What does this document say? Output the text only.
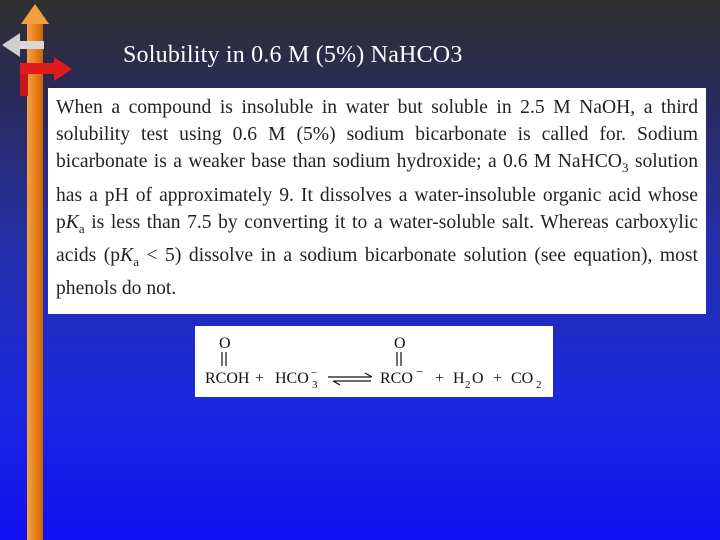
Solubility in 0.6 M (5%) NaHCO3

When a compound is insoluble in water but soluble in 2.5 M NaOH, a third solubility test using 0.6 M (5%) sodium bicarbonate is called for. Sodium bicarbonate is a weaker base than sodium hydroxide; a 0.6 M NaHCO$_3$ solution has a pH of approximately 9. It dissolves a water-insoluble organic acid whose $pK_a$ is less than 7.5 by converting it to a water-soluble salt. Whereas carboxylic acids $(pK_a < 5)$ dissolve in a sodium bicarbonate solution (see equation), most phenols do not.

O
RCOH + HCO −
3
O
RCO − + H 2 O + CO 2
